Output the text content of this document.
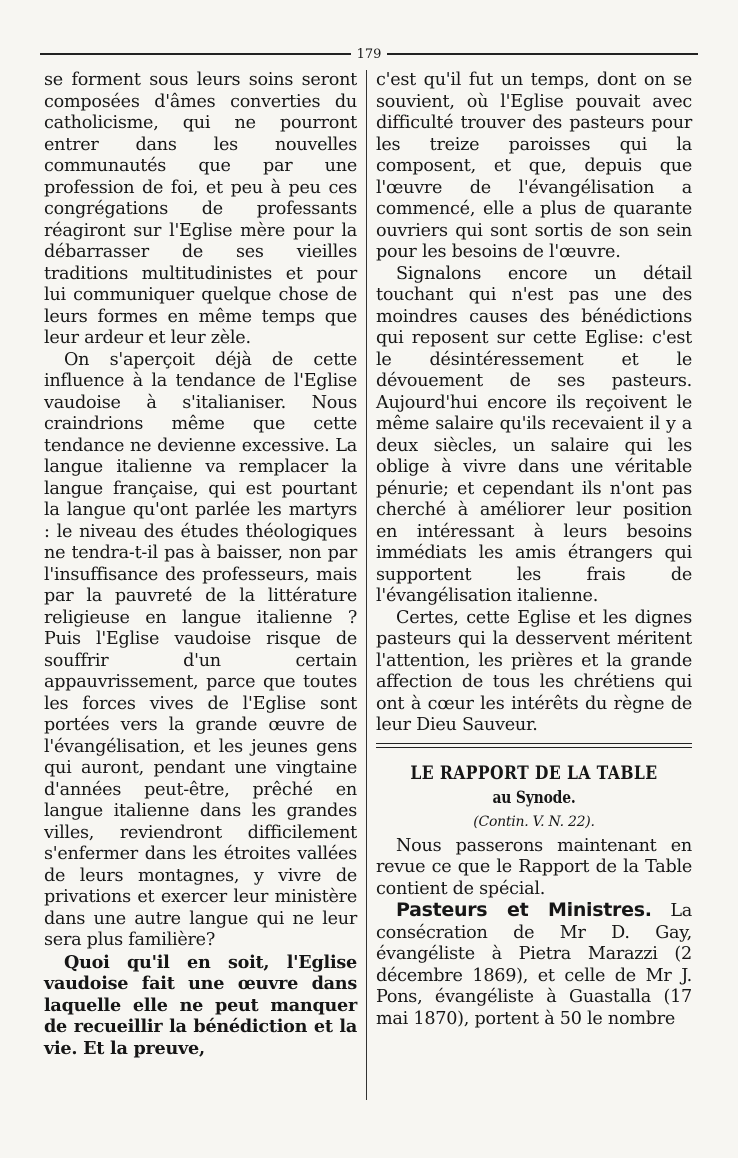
179

se forment sous leurs soins seront composées d'âmes converties du catholicisme, qui ne pourront entrer dans les nouvelles communautés que par une profession de foi, et peu à peu ces congrégations de professants réagiront sur l'Eglise mère pour la débarrasser de ses vieilles traditions multitudinistes et pour lui communiquer quelque chose de leurs formes en même temps que leur ardeur et leur zèle.

On s'aperçoit déjà de cette influence à la tendance de l'Eglise vaudoise à s'italianiser. Nous craindrions même que cette tendance ne devienne excessive. La langue italienne va remplacer la langue française, qui est pourtant la langue qu'ont parlée les martyrs : le niveau des études théologiques ne tendra-t-il pas à baisser, non par l'insuffisance des professeurs, mais par la pauvreté de la littérature religieuse en langue italienne ? Puis l'Eglise vaudoise risque de souffrir d'un certain appauvrissement, parce que toutes les forces vives de l'Eglise sont portées vers la grande œuvre de l'évangélisation, et les jeunes gens qui auront, pendant une vingtaine d'années peut-être, prêché en langue italienne dans les grandes villes, reviendront difficilement s'enfermer dans les étroites vallées de leurs montagnes, y vivre de privations et exercer leur ministère dans une autre langue qui ne leur sera plus familière?

Quoi qu'il en soit, l'Eglise vaudoise fait une œuvre dans laquelle elle ne peut manquer de recueillir la bénédiction et la vie. Et la preuve,

c'est qu'il fut un temps, dont on se souvient, où l'Eglise pouvait avec difficulté trouver des pasteurs pour les treize paroisses qui la composent, et que, depuis que l'œuvre de l'évangélisation a commencé, elle a plus de quarante ouvriers qui sont sortis de son sein pour les besoins de l'œuvre.

Signalons encore un détail touchant qui n'est pas une des moindres causes des bénédictions qui reposent sur cette Eglise: c'est le désintéressement et le dévouement de ses pasteurs. Aujourd'hui encore ils reçoivent le même salaire qu'ils recevaient il y a deux siècles, un salaire qui les oblige à vivre dans une véritable pénurie; et cependant ils n'ont pas cherché à améliorer leur position en intéressant à leurs besoins immédiats les amis étrangers qui supportent les frais de l'évangélisation italienne.

Certes, cette Eglise et les dignes pasteurs qui la desservent méritent l'attention, les prières et la grande affection de tous les chrétiens qui ont à cœur les intérêts du règne de leur Dieu Sauveur.

LE RAPPORT DE LA TABLE
au Synode.
(Contin. V. N. 22).

Nous passerons maintenant en revue ce que le Rapport de la Table contient de spécial.

Pasteurs et Ministres. La consécration de Mr D. Gay, évangéliste à Pietra Marazzi (2 décembre 1869), et celle de Mr J. Pons, évangéliste à Guastalla (17 mai 1870), portent à 50 le nombre
